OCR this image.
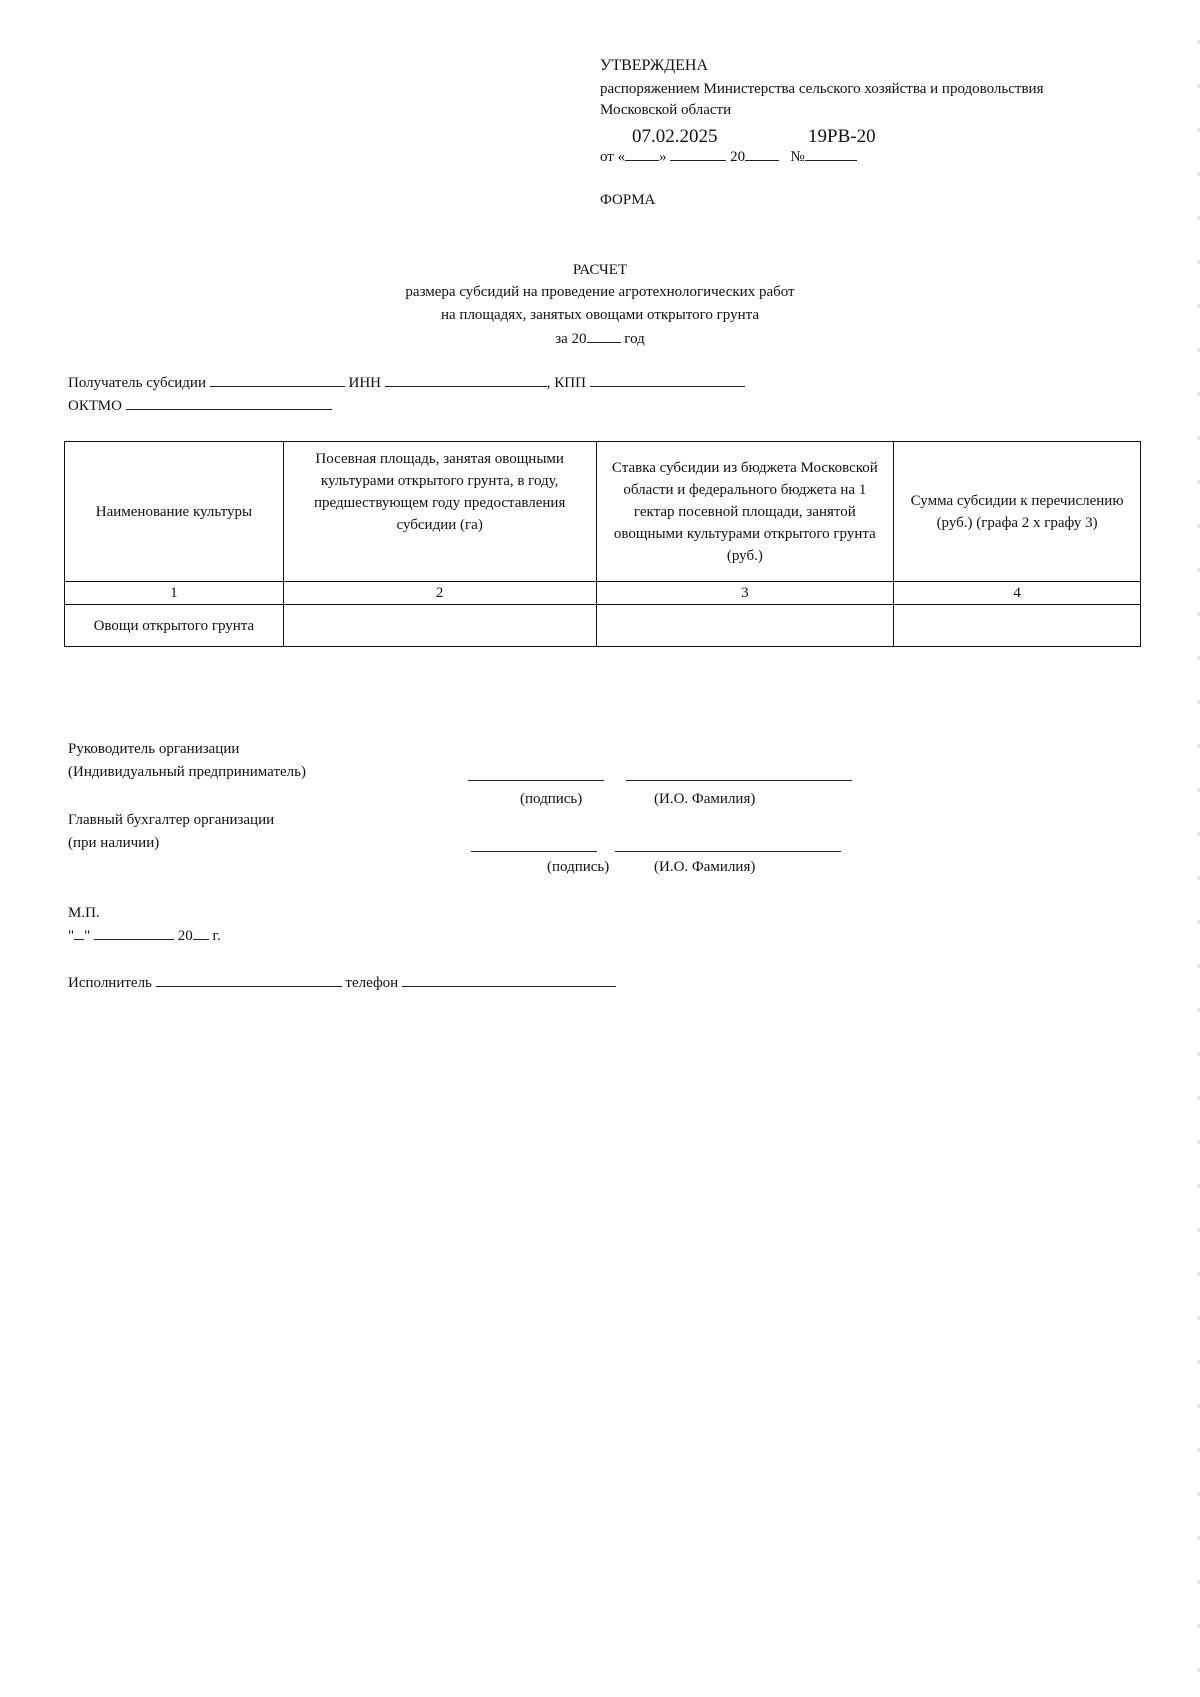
УТВЕРЖДЕНА
распоряжением Министерства сельского хозяйства и продовольствия
Московской области
07.02.2025	19РВ-20
от « »	20	№
ФОРМА
РАСЧЕТ
размера субсидий на проведение агротехнологических работ
на площадях, занятых овощами открытого грунта
за 20	год
Получатель субсидии	ИНН	, КПП
ОКТМО
Наименование культуры	Посевная площадь, занятая овощными культурами открытого грунта, в году, предшествующем году предоставления субсидии (га)	Ставка субсидии из бюджета Московской области и федерального бюджета на 1 гектар посевной площади, занятой овощными культурами открытого грунта (руб.)	Сумма субсидии к перечислению (руб.) (графа 2 х графу 3)
1	2	3	4
Овощи открытого грунта			
Руководитель организации
(Индивидуальный предприниматель)
(подпись)	(И.О. Фамилия)
Главный бухгалтер организации
(при наличии)
(подпись)	(И.О. Фамилия)
М.П.
" "	20 г.
Исполнитель	телефон
